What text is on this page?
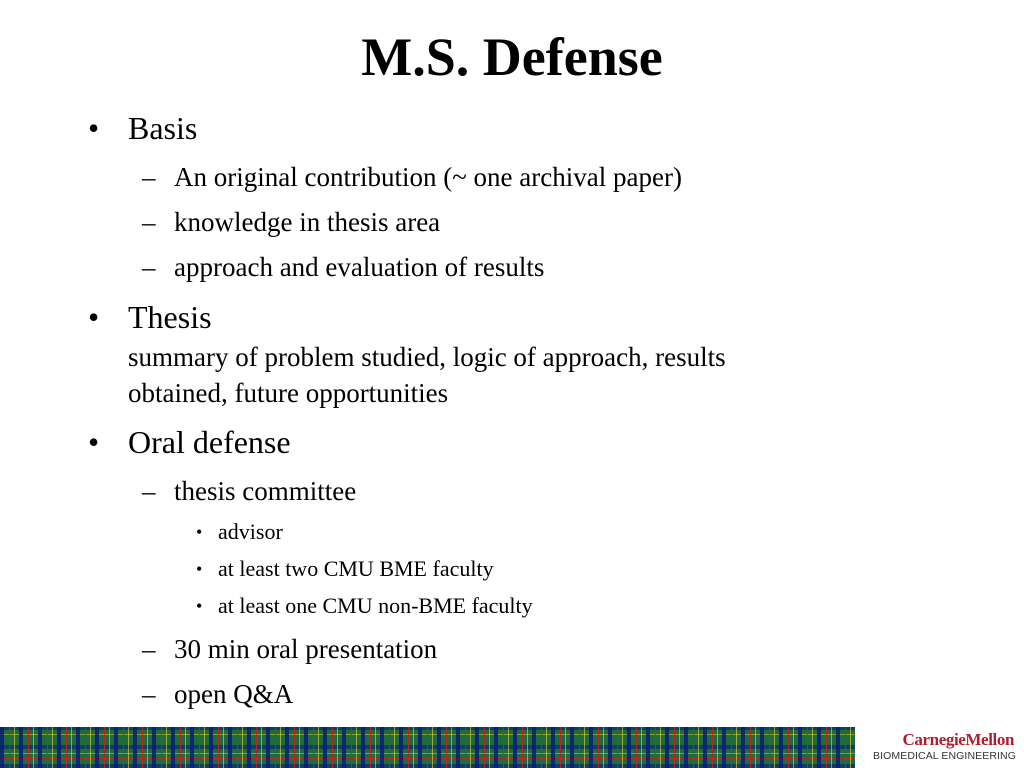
M.S. Defense
• Basis
– An original contribution (~ one archival paper)
– knowledge in thesis area
– approach and evaluation of results
• Thesis
summary of problem studied, logic of approach, results
obtained, future opportunities
• Oral defense
– thesis committee
• advisor
• at least two CMU BME faculty
• at least one CMU non-BME faculty
– 30 min oral presentation
– open Q&A
CarnegieMellon
BIOMEDICAL ENGINEERING
